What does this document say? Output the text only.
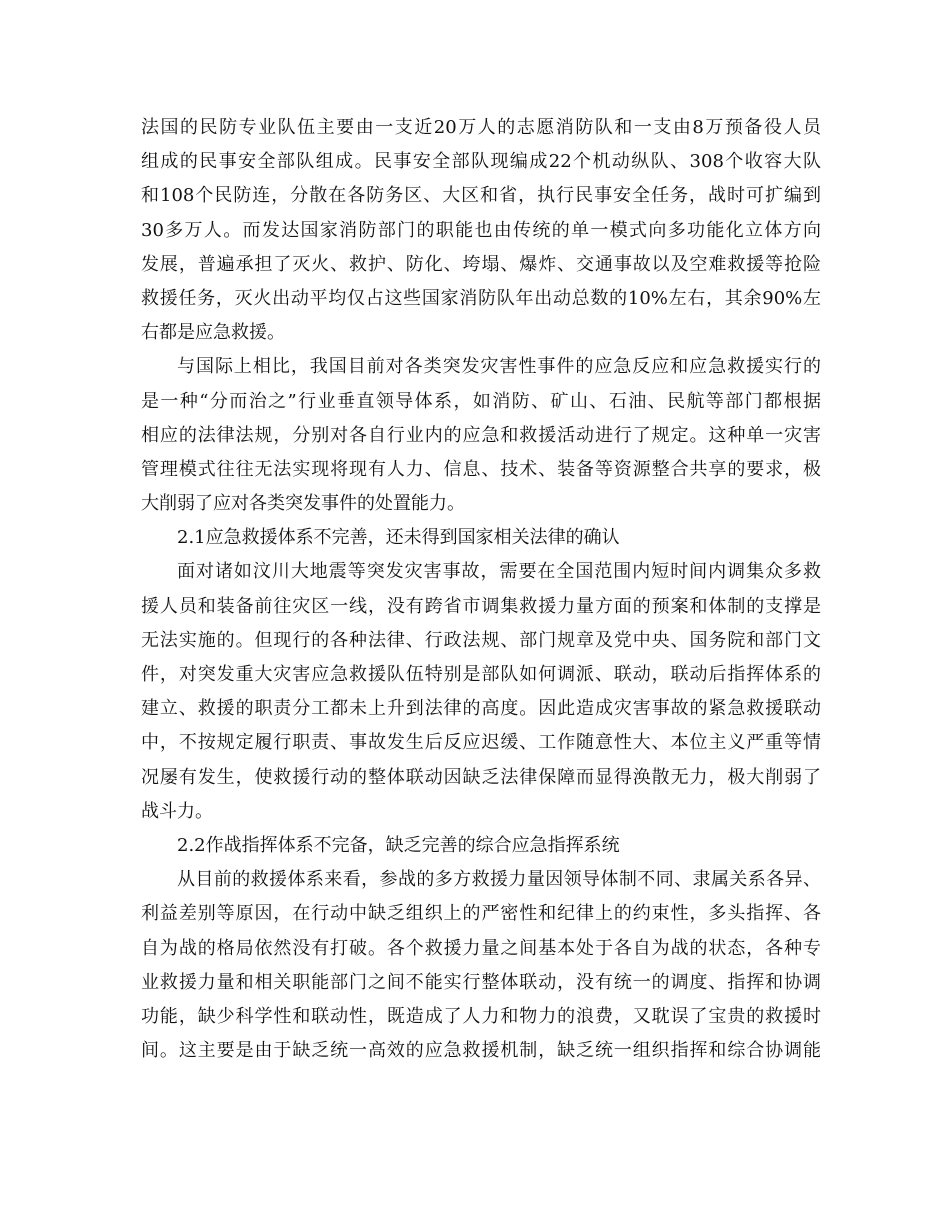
法国的民防专业队伍主要由一支近20万人的志愿消防队和一支由8万预备役人员
组成的民事安全部队组成。民事安全部队现编成22个机动纵队、308个收容大队
和108个民防连，分散在各防务区、大区和省，执行民事安全任务，战时可扩编到
30多万人。而发达国家消防部门的职能也由传统的单一模式向多功能化立体方向
发展，普遍承担了灭火、救护、防化、垮塌、爆炸、交通事故以及空难救援等抢险
救援任务，灭火出动平均仅占这些国家消防队年出动总数的10%左右，其余90%左
右都是应急救援。
与国际上相比，我国目前对各类突发灾害性事件的应急反应和应急救援实行的
是一种“分而治之”行业垂直领导体系，如消防、矿山、石油、民航等部门都根据
相应的法律法规，分别对各自行业内的应急和救援活动进行了规定。这种单一灾害
管理模式往往无法实现将现有人力、信息、技术、装备等资源整合共享的要求，极
大削弱了应对各类突发事件的处置能力。
2.1应急救援体系不完善，还未得到国家相关法律的确认
面对诸如汶川大地震等突发灾害事故，需要在全国范围内短时间内调集众多救
援人员和装备前往灾区一线，没有跨省市调集救援力量方面的预案和体制的支撑是
无法实施的。但现行的各种法律、行政法规、部门规章及党中央、国务院和部门文
件，对突发重大灾害应急救援队伍特别是部队如何调派、联动，联动后指挥体系的
建立、救援的职责分工都未上升到法律的高度。因此造成灾害事故的紧急救援联动
中，不按规定履行职责、事故发生后反应迟缓、工作随意性大、本位主义严重等情
况屡有发生，使救援行动的整体联动因缺乏法律保障而显得涣散无力，极大削弱了
战斗力。
2.2作战指挥体系不完备，缺乏完善的综合应急指挥系统
从目前的救援体系来看，参战的多方救援力量因领导体制不同、隶属关系各异、
利益差别等原因，在行动中缺乏组织上的严密性和纪律上的约束性，多头指挥、各
自为战的格局依然没有打破。各个救援力量之间基本处于各自为战的状态，各种专
业救援力量和相关职能部门之间不能实行整体联动，没有统一的调度、指挥和协调
功能，缺少科学性和联动性，既造成了人力和物力的浪费，又耽误了宝贵的救援时
间。这主要是由于缺乏统一高效的应急救援机制，缺乏统一组织指挥和综合协调能
